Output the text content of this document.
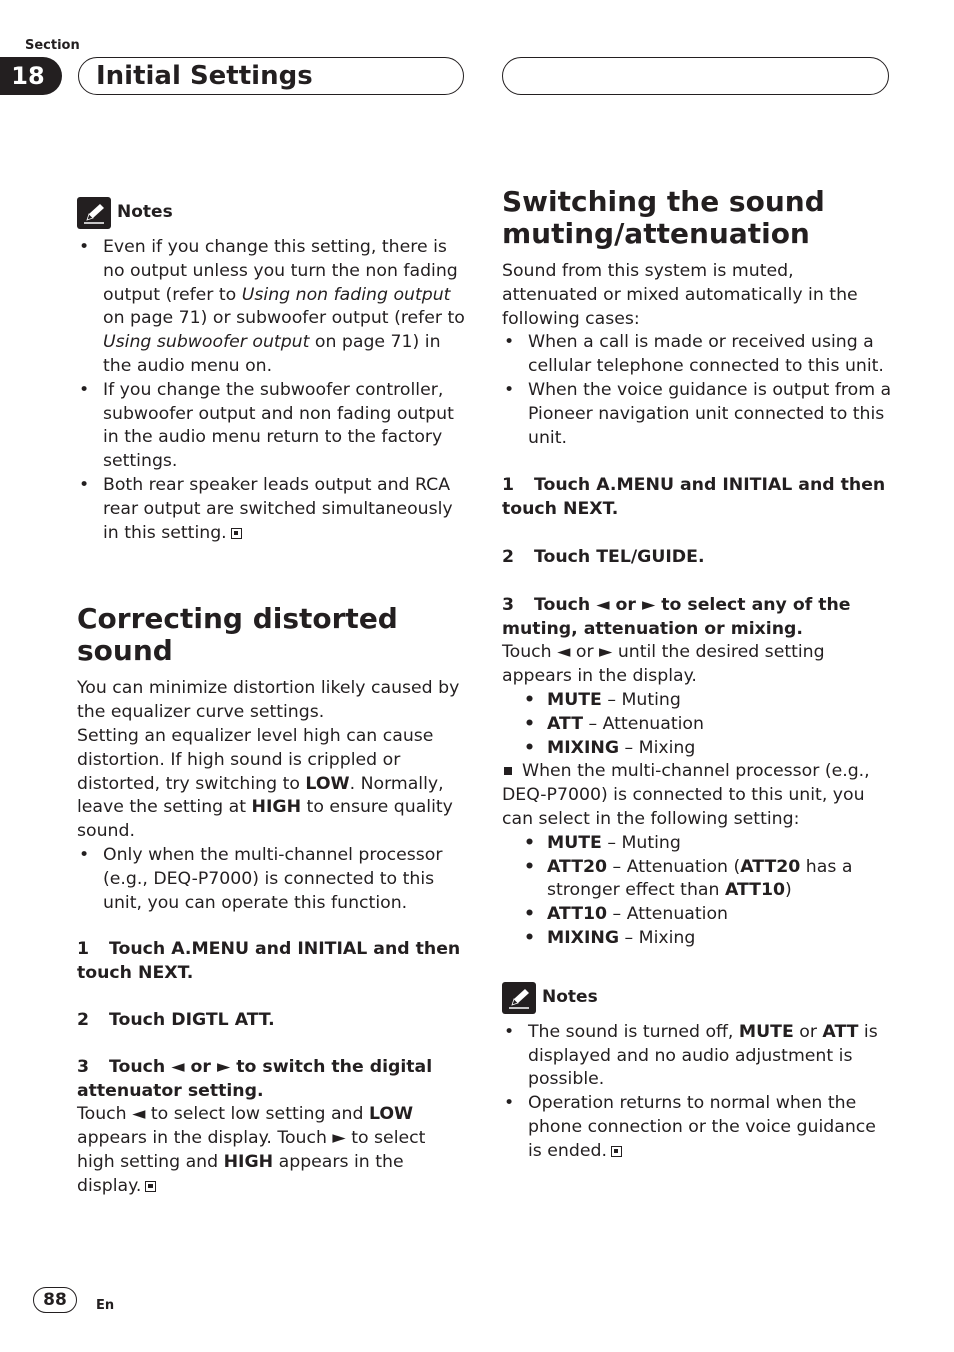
Section
18	Initial Settings
Notes
• Even if you change this setting, there is no output unless you turn the non fading output (refer to Using non fading output on page 71) or subwoofer output (refer to Using subwoofer output on page 71) in the audio menu on.
• If you change the subwoofer controller, subwoofer output and non fading output in the audio menu return to the factory settings.
• Both rear speaker leads output and RCA rear output are switched simultaneously in this setting.
Correcting distorted sound

You can minimize distortion likely caused by the equalizer curve settings.

Setting an equalizer level high can cause distortion. If high sound is crippled or distorted, try switching to LOW. Normally, leave the setting at HIGH to ensure quality sound.

• Only when the multi-channel processor (e.g., DEQ-P7000) is connected to this unit, you can operate this function.

1 Touch A.MENU and INITIAL and then touch NEXT.

2 Touch DIGTL ATT.

3 Touch ◄ or ► to switch the digital attenuator setting.

Touch ◄ to select low setting and LOW appears in the display. Touch ► to select high setting and HIGH appears in the display.

Switching the sound muting/attenuation

Sound from this system is muted, attenuated or mixed automatically in the following cases:

• When a call is made or received using a cellular telephone connected to this unit.
• When the voice guidance is output from a Pioneer navigation unit connected to this unit.

1 Touch A.MENU and INITIAL and then touch NEXT.

2 Touch TEL/GUIDE.

3 Touch ◄ or ► to select any of the muting, attenuation or mixing.

Touch ◄ or ► until the desired setting appears in the display.

• MUTE – Muting
• ATT – Attenuation
• MIXING – Mixing

When the multi-channel processor (e.g., DEQ-P7000) is connected to this unit, you can select in the following setting:

• MUTE – Muting
• ATT20 – Attenuation (ATT20 has a stronger effect than ATT10)
• ATT10 – Attenuation
• MIXING – Mixing
Notes
• The sound is turned off, MUTE or ATT is displayed and no audio adjustment is possible.
• Operation returns to normal when the phone connection or the voice guidance is ended.
88	En
